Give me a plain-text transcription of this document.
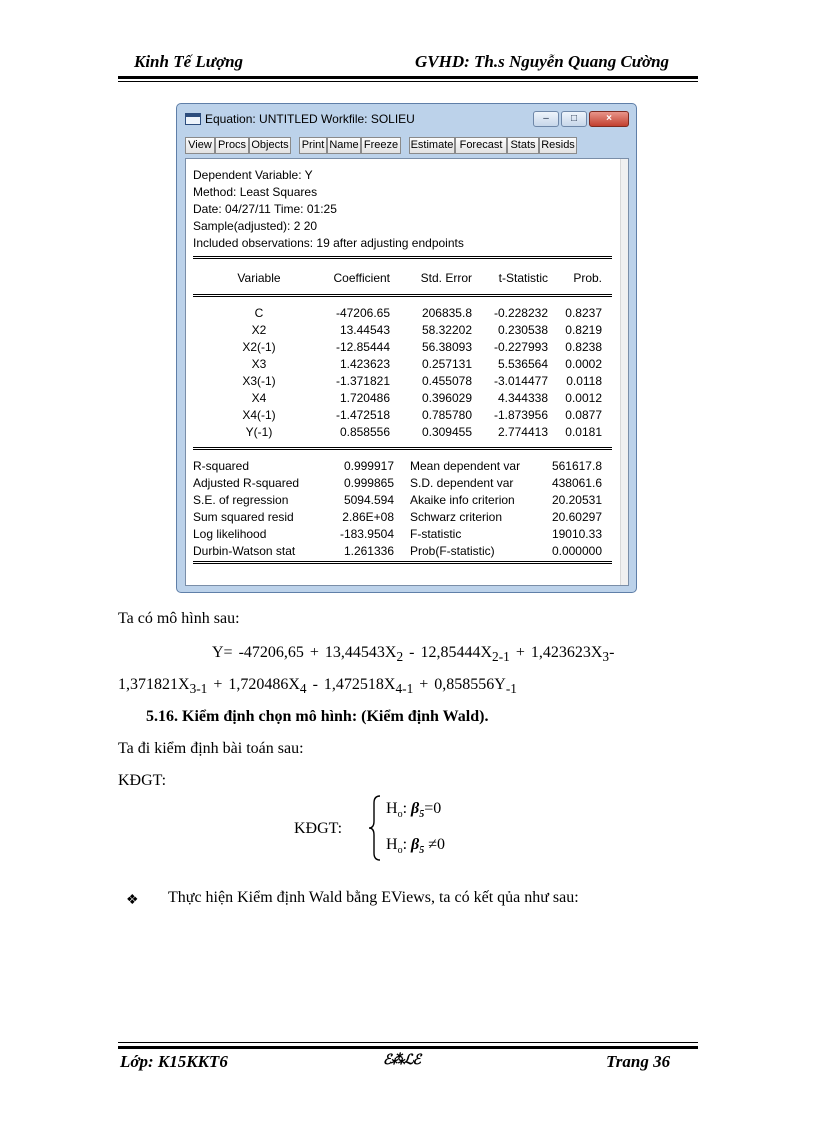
Kinh Tế Lượng	GVHD: Th.s Nguyễn Quang Cường
Equation: UNTITLED Workfile: SOLIEU	–	□	×
View Procs Objects Print Name Freeze Estimate Forecast Stats Resids
Dependent Variable: Y
Method: Least Squares
Date: 04/27/11 Time: 01:25
Sample(adjusted): 2 20
Included observations: 19 after adjusting endpoints
Variable	Coefficient	Std. Error	t-Statistic	Prob.
C	-47206.65	206835.8	-0.228232	0.8237
X2	13.44543	58.32202	0.230538	0.8219
X2(-1)	-12.85444	56.38093	-0.227993	0.8238
X3	1.423623	0.257131	5.536564	0.0002
X3(-1)	-1.371821	0.455078	-3.014477	0.0118
X4	1.720486	0.396029	4.344338	0.0012
X4(-1)	-1.472518	0.785780	-1.873956	0.0877
Y(-1)	0.858556	0.309455	2.774413	0.0181
R-squared	0.999917 Mean dependent var	561617.8
Adjusted R-squared	0.999865 S.D. dependent var	438061.6
S.E. of regression	5094.594 Akaike info criterion	20.20531
Sum squared resid	2.86E+08 Schwarz criterion	20.60297
Log likelihood	-183.9504 F-statistic	19010.33
Durbin-Watson stat	1.261336 Prob(F-statistic)	0.000000
Ta có mô hình sau:
$Y= -47206,65 + 13,44543X_2 - 12,85444X_{2-1} + 1,423623X_3-$
$1,371821X_{3-1} + 1,720486X_4 - 1,472518X_{4-1} + 0,858556Y_{-1}$
5.16. Kiểm định chọn mô hình: (Kiểm định Wald).
Ta đi kiểm định bài toán sau:
KĐGT:
KĐGT:
$H_o$: $\beta_5=0$
$H_o$: $\beta_5 \ne 0$
❖ Thực hiện Kiểm định Wald bằng EViews, ta có kết qủa như sau:
Lớp: K15KKT6	ℰ⁂ℒℰ	Trang 36
